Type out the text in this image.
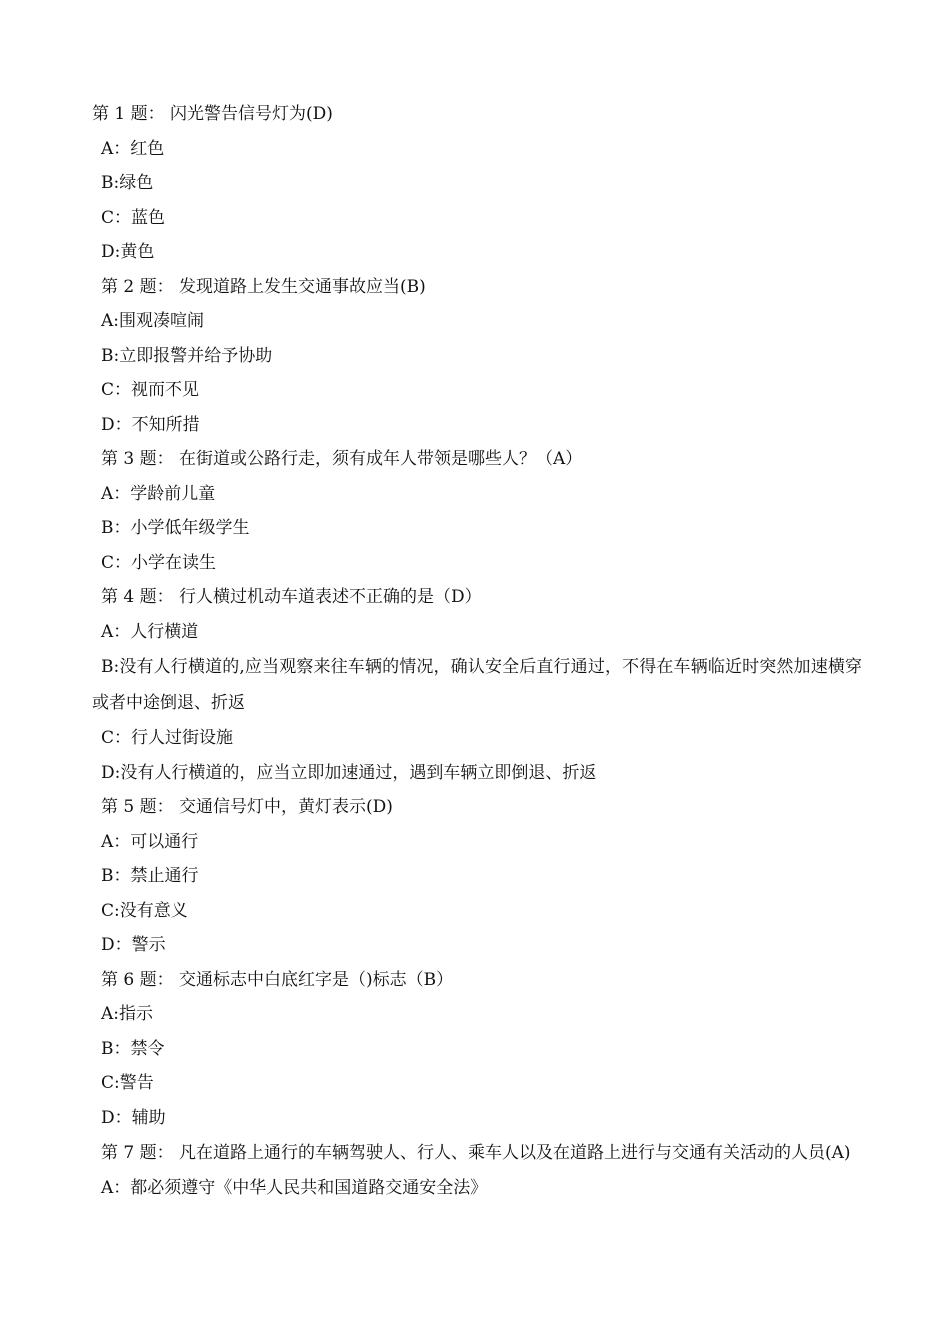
第 1 题： 闪光警告信号灯为(D)
A：红色
B:绿色
C：蓝色
D:黄色
第 2 题： 发现道路上发生交通事故应当(B)
A:围观凑喧闹
B:立即报警并给予协助
C：视而不见
D：不知所措
第 3 题： 在街道或公路行走，须有成年人带领是哪些人？（A）
A：学龄前儿童
B：小学低年级学生
C：小学在读生
第 4 题： 行人横过机动车道表述不正确的是（D）
A：人行横道
B:没有人行横道的,应当观察来往车辆的情况，确认安全后直行通过，不得在车辆临近时突然加速横穿或者中途倒退、折返
C：行人过街设施
D:没有人行横道的，应当立即加速通过，遇到车辆立即倒退、折返
第 5 题： 交通信号灯中，黄灯表示(D)
A：可以通行
B：禁止通行
C:没有意义
D：警示
第 6 题： 交通标志中白底红字是（)标志（B）
A:指示
B：禁令
C:警告
D：辅助
第 7 题： 凡在道路上通行的车辆驾驶人、行人、乘车人以及在道路上进行与交通有关活动的人员(A)
A：都必须遵守《中华人民共和国道路交通安全法》
